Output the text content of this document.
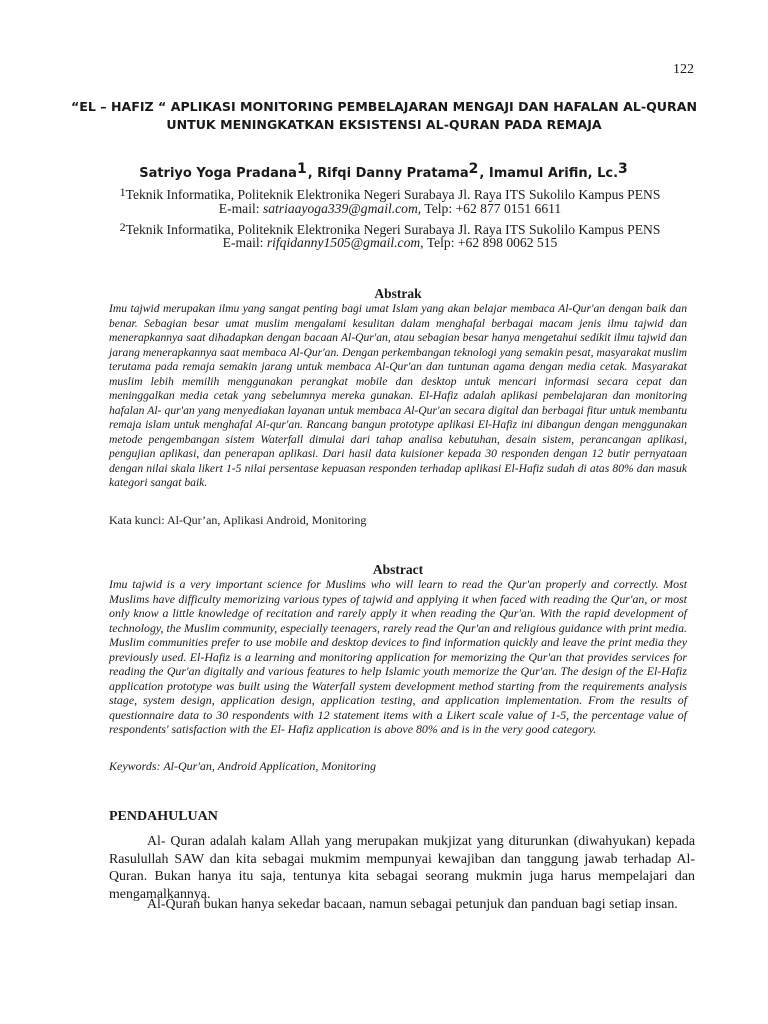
122
“EL – HAFIZ “ APLIKASI MONITORING PEMBELAJARAN MENGAJI DAN HAFALAN AL-QURAN
UNTUK MENINGKATKAN EKSISTENSI AL-QURAN PADA REMAJA
Satriyo Yoga Pradana$^1$, Rifqi Danny Pratama$^2$, Imamul Arifin, Lc.$^3$
$^1$Teknik Informatika, Politeknik Elektronika Negeri Surabaya Jl. Raya ITS Sukolilo Kampus PENS
E-mail: satriaayoga339@gmail.com, Telp: +62 877 0151 6611
$^2$Teknik Informatika, Politeknik Elektronika Negeri Surabaya Jl. Raya ITS Sukolilo Kampus PENS
E-mail: rifqidanny1505@gmail.com, Telp: +62 898 0062 515
Abstrak
Imu tajwid merupakan ilmu yang sangat penting bagi umat Islam yang akan belajar membaca Al-Qur'an dengan baik dan benar. Sebagian besar umat muslim mengalami kesulitan dalam menghafal berbagai macam jenis ilmu tajwid dan menerapkannya saat dihadapkan dengan bacaan Al-Qur'an, atau sebagian besar hanya mengetahui sedikit ilmu tajwid dan jarang menerapkannya saat membaca Al-Qur'an. Dengan perkembangan teknologi yang semakin pesat, masyarakat muslim terutama pada remaja semakin jarang untuk membaca Al-Qur'an dan tuntunan agama dengan media cetak. Masyarakat muslim lebih memilih menggunakan perangkat mobile dan desktop untuk mencari informasi secara cepat dan meninggalkan media cetak yang sebelumnya mereka gunakan. El-Hafiz adalah aplikasi pembelajaran dan monitoring hafalan Al- qur'an yang menyediakan layanan untuk membaca Al-Qur'an secara digital dan berbagai fitur untuk membantu remaja islam untuk menghafal Al-qur'an. Rancang bangun prototype aplikasi El-Hafiz ini dibangun dengan menggunakan metode pengembangan sistem Waterfall dimulai dari tahap analisa kebutuhan, desain sistem, perancangan aplikasi, pengujian aplikasi, dan penerapan aplikasi. Dari hasil data kuisioner kepada 30 responden dengan 12 butir pernyataan dengan nilai skala likert 1-5 nilai persentase kepuasan responden terhadap aplikasi El-Hafiz sudah di atas 80% dan masuk kategori sangat baik.
Kata kunci: Al-Qur’an, Aplikasi Android, Monitoring
Abstract
Imu tajwid is a very important science for Muslims who will learn to read the Qur'an properly and correctly. Most Muslims have difficulty memorizing various types of tajwid and applying it when faced with reading the Qur'an, or most only know a little knowledge of recitation and rarely apply it when reading the Qur'an. With the rapid development of technology, the Muslim community, especially teenagers, rarely read the Qur'an and religious guidance with print media. Muslim communities prefer to use mobile and desktop devices to find information quickly and leave the print media they previously used. El-Hafiz is a learning and monitoring application for memorizing the Qur'an that provides services for reading the Qur'an digitally and various features to help Islamic youth memorize the Qur'an. The design of the El-Hafiz application prototype was built using the Waterfall system development method starting from the requirements analysis stage, system design, application design, application testing, and application implementation. From the results of questionnaire data to 30 respondents with 12 statement items with a Likert scale value of 1-5, the percentage value of respondents' satisfaction with the El- Hafiz application is above 80% and is in the very good category.
Keywords: Al-Qur'an, Android Application, Monitoring
PENDAHULUAN
Al- Quran adalah kalam Allah yang merupakan mukjizat yang diturunkan (diwahyukan) kepada Rasulullah SAW dan kita sebagai mukmim mempunyai kewajiban dan tanggung jawab terhadap Al-Quran. Bukan hanya itu saja, tentunya kita sebagai seorang mukmin juga harus mempelajari dan mengamalkannya.
Al-Quran bukan hanya sekedar bacaan, namun sebagai petunjuk dan panduan bagi setiap insan.
